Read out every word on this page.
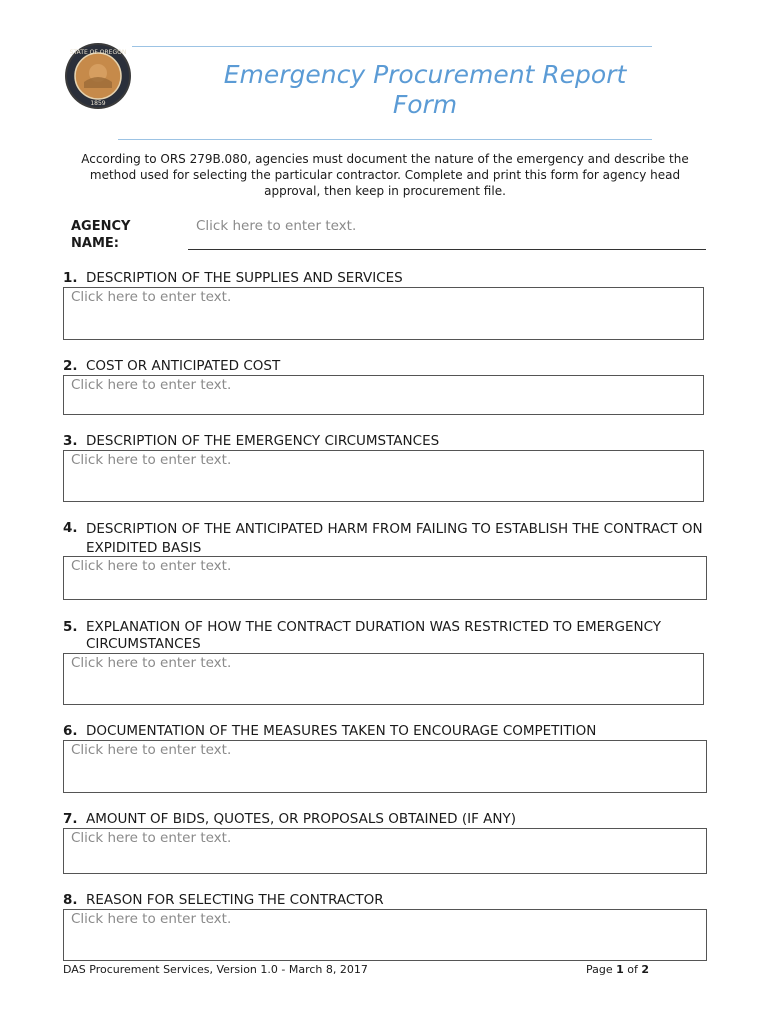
STATE OF OREGON
1859
Emergency Procurement Report
Form
According to ORS 279B.080, agencies must document the nature of the emergency and describe the method used for selecting the particular contractor. Complete and print this form for agency head approval, then keep in procurement file.
AGENCY
NAME:
Click here to enter text.
1. DESCRIPTION OF THE SUPPLIES AND SERVICES
Click here to enter text.
2. COST OR ANTICIPATED COST
Click here to enter text.
3. DESCRIPTION OF THE EMERGENCY CIRCUMSTANCES
Click here to enter text.
4. DESCRIPTION OF THE ANTICIPATED HARM FROM FAILING TO ESTABLISH THE CONTRACT ON EXPIDITED BASIS
Click here to enter text.
5. EXPLANATION OF HOW THE CONTRACT DURATION WAS RESTRICTED TO EMERGENCY CIRCUMSTANCES
Click here to enter text.
6. DOCUMENTATION OF THE MEASURES TAKEN TO ENCOURAGE COMPETITION
Click here to enter text.
7. AMOUNT OF BIDS, QUOTES, OR PROPOSALS OBTAINED (IF ANY)
Click here to enter text.
8. REASON FOR SELECTING THE CONTRACTOR
Click here to enter text.
DAS Procurement Services, Version 1.0 - March 8, 2017	Page 1 of 2
